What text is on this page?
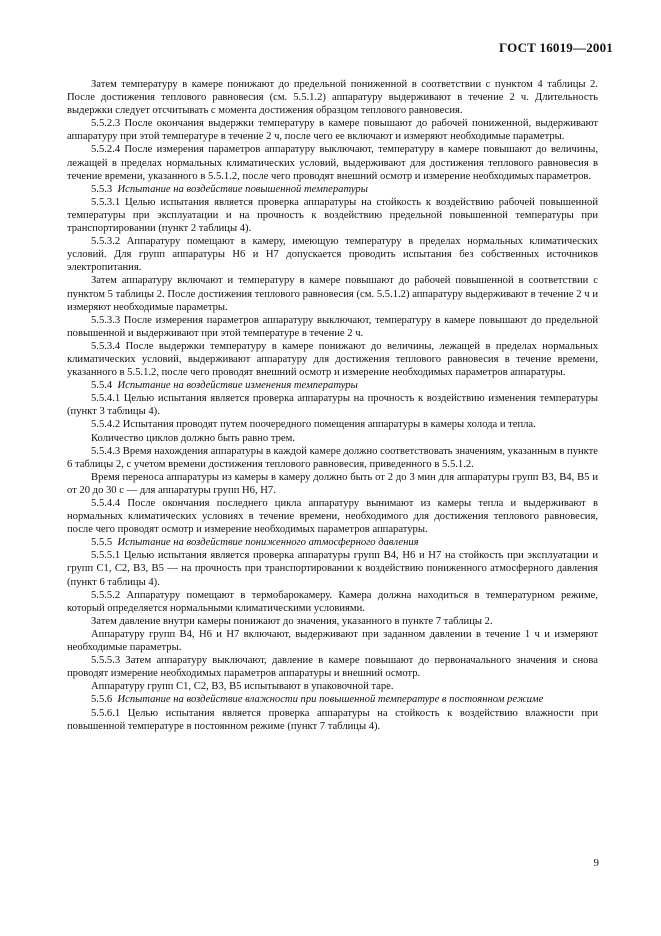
ГОСТ 16019—2001

Затем температуру в камере понижают до предельной пониженной в соответствии с пунктом 4 таблицы 2. После достижения теплового равновесия (см. 5.5.1.2) аппаратуру выдерживают в течение 2 ч. Длительность выдержки следует отсчитывать с момента достижения образцом теплового равновесия.

5.5.2.3 После окончания выдержки температуру в камере повышают до рабочей пониженной, выдерживают аппаратуру при этой температуре в течение 2 ч, после чего ее включают и измеряют необходимые параметры.

5.5.2.4 После измерения параметров аппаратуру выключают, температуру в камере повышают до величины, лежащей в пределах нормальных климатических условий, выдерживают для достижения теплового равновесия в течение времени, указанного в 5.5.1.2, после чего проводят внешний осмотр и измерение необходимых параметров.

5.5.3 Испытание на воздействие повышенной температуры

5.5.3.1 Целью испытания является проверка аппаратуры на стойкость к воздействию рабочей повышенной температуры при эксплуатации и на прочность к воздействию предельной повышенной температуры при транспортировании (пункт 2 таблицы 4).

5.5.3.2 Аппаратуру помещают в камеру, имеющую температуру в пределах нормальных климатических условий. Для групп аппаратуры Н6 и Н7 допускается проводить испытания без собственных источников электропитания.

Затем аппаратуру включают и температуру в камере повышают до рабочей повышенной в соответствии с пунктом 5 таблицы 2. После достижения теплового равновесия (см. 5.5.1.2) аппаратуру выдерживают в течение 2 ч и измеряют необходимые параметры.

5.5.3.3 После измерения параметров аппаратуру выключают, температуру в камере повышают до предельной повышенной и выдерживают при этой температуре в течение 2 ч.

5.5.3.4 После выдержки температуру в камере понижают до величины, лежащей в пределах нормальных климатических условий, выдерживают аппаратуру для достижения теплового равновесия в течение времени, указанного в 5.5.1.2, после чего проводят внешний осмотр и измерение необходимых параметров аппаратуры.

5.5.4 Испытание на воздействие изменения температуры

5.5.4.1 Целью испытания является проверка аппаратуры на прочность к воздействию изменения температуры (пункт 3 таблицы 4).

5.5.4.2 Испытания проводят путем поочередного помещения аппаратуры в камеры холода и тепла.

Количество циклов должно быть равно трем.

5.5.4.3 Время нахождения аппаратуры в каждой камере должно соответствовать значениям, указанным в пункте 6 таблицы 2, с учетом времени достижения теплового равновесия, приведенного в 5.5.1.2.

Время переноса аппаратуры из камеры в камеру должно быть от 2 до 3 мин для аппаратуры групп В3, В4, В5 и от 20 до 30 с — для аппаратуры групп Н6, Н7.

5.5.4.4 После окончания последнего цикла аппаратуру вынимают из камеры тепла и выдерживают в нормальных климатических условиях в течение времени, необходимого для достижения теплового равновесия, после чего проводят осмотр и измерение необходимых параметров аппаратуры.

5.5.5 Испытание на воздействие пониженного атмосферного давления

5.5.5.1 Целью испытания является проверка аппаратуры групп В4, Н6 и Н7 на стойкость при эксплуатации и групп С1, С2, В3, В5 — на прочность при транспортировании к воздействию пониженного атмосферного давления (пункт 6 таблицы 4).

5.5.5.2 Аппаратуру помещают в термобарокамеру. Камера должна находиться в температурном режиме, который определяется нормальными климатическими условиями.

Затем давление внутри камеры понижают до значения, указанного в пункте 7 таблицы 2.

Аппаратуру групп В4, Н6 и Н7 включают, выдерживают при заданном давлении в течение 1 ч и измеряют необходимые параметры.

5.5.5.3 Затем аппаратуру выключают, давление в камере повышают до первоначального значения и снова проводят измерение необходимых параметров аппаратуры и внешний осмотр.

Аппаратуру групп С1, С2, В3, В5 испытывают в упаковочной таре.

5.5.6 Испытание на воздействие влажности при повышенной температуре в постоянном режиме

5.5.6.1 Целью испытания является проверка аппаратуры на стойкость к воздействию влажности при повышенной температуре в постоянном режиме (пункт 7 таблицы 4).

9
